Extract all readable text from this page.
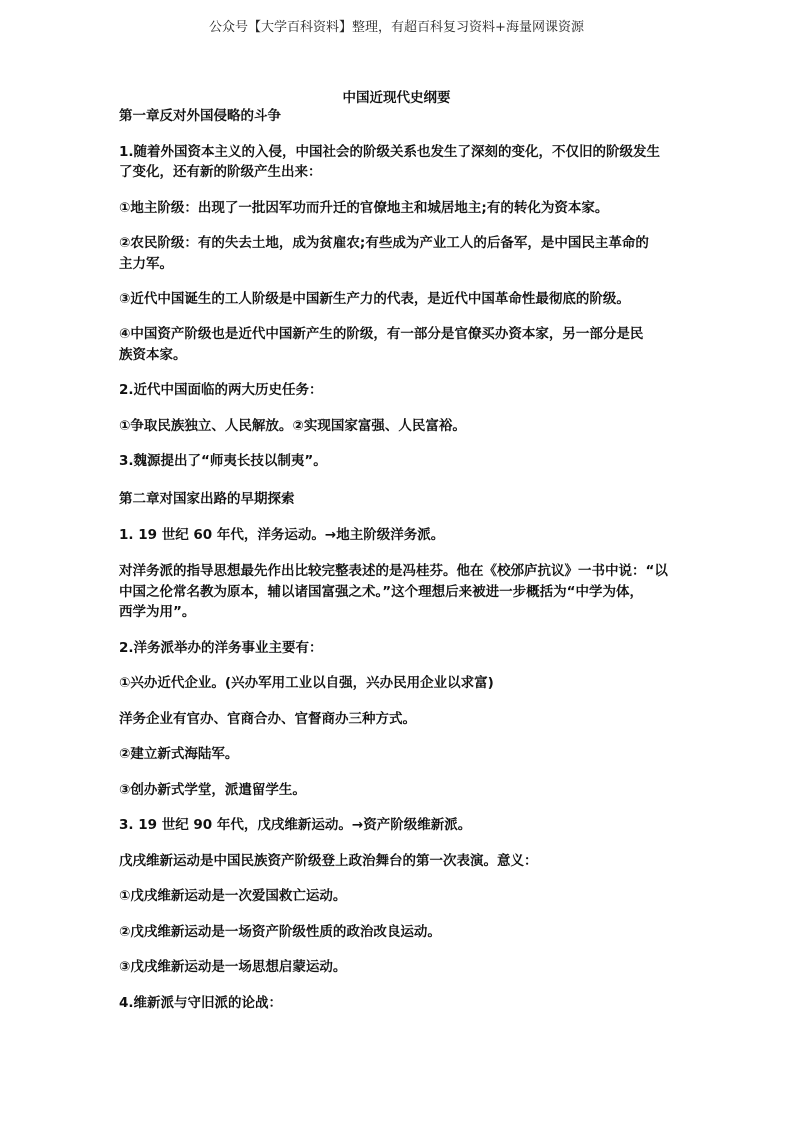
公众号【大学百科资料】整理，有超百科复习资料+海量网课资源
中国近现代史纲要
第一章反对外国侵略的斗争
1.随着外国资本主义的入侵，中国社会的阶级关系也发生了深刻的变化，不仅旧的阶级发生
了变化，还有新的阶级产生出来：
①地主阶级：出现了一批因军功而升迁的官僚地主和城居地主;有的转化为资本家。
②农民阶级：有的失去土地，成为贫雇农;有些成为产业工人的后备军，是中国民主革命的
主力军。
③近代中国诞生的工人阶级是中国新生产力的代表，是近代中国革命性最彻底的阶级。
④中国资产阶级也是近代中国新产生的阶级，有一部分是官僚买办资本家，另一部分是民
族资本家。
2.近代中国面临的两大历史任务：
①争取民族独立、人民解放。②实现国家富强、人民富裕。
3.魏源提出了“师夷长技以制夷”。
第二章对国家出路的早期探索
1. 19 世纪 60 年代，洋务运动。→地主阶级洋务派。
对洋务派的指导思想最先作出比较完整表述的是冯桂芬。他在《校邠庐抗议》一书中说：“以
中国之伦常名教为原本，辅以诸国富强之术。”这个理想后来被进一步概括为“中学为体，
西学为用”。
2.洋务派举办的洋务事业主要有：
①兴办近代企业。(兴办军用工业以自强，兴办民用企业以求富)
洋务企业有官办、官商合办、官督商办三种方式。
②建立新式海陆军。
③创办新式学堂，派遣留学生。
3. 19 世纪 90 年代，戊戌维新运动。→资产阶级维新派。
戊戌维新运动是中国民族资产阶级登上政治舞台的第一次表演。意义：
①戊戌维新运动是一次爱国救亡运动。
②戊戌维新运动是一场资产阶级性质的政治改良运动。
③戊戌维新运动是一场思想启蒙运动。
4.维新派与守旧派的论战：
